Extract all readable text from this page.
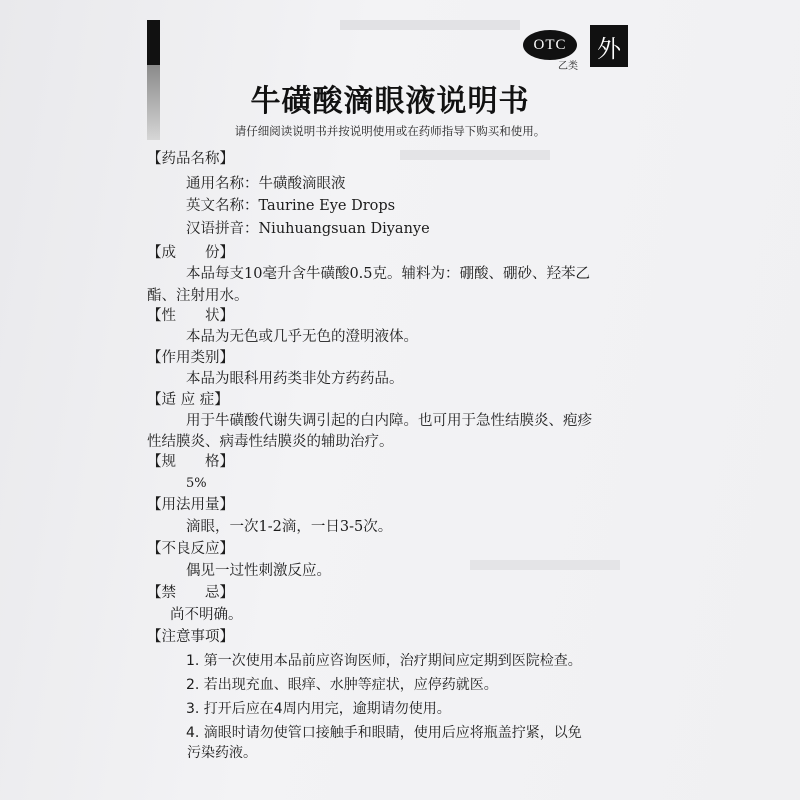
OTC
乙类
外
牛磺酸滴眼液说明书
请仔细阅读说明书并按说明使用或在药师指导下购买和使用。
【药品名称】
通用名称：牛磺酸滴眼液
英文名称：Taurine Eye Drops
汉语拼音：Niuhuangsuan Diyanye
【成　　份】
本品每支10毫升含牛磺酸0.5克。辅料为：硼酸、硼砂、羟苯乙
酯、注射用水。
【性　　状】
本品为无色或几乎无色的澄明液体。
【作用类别】
本品为眼科用药类非处方药药品。
【适 应 症】
用于牛磺酸代谢失调引起的白内障。也可用于急性结膜炎、疱疹
性结膜炎、病毒性结膜炎的辅助治疗。
【规　　格】
5%
【用法用量】
滴眼，一次1-2滴，一日3-5次。
【不良反应】
偶见一过性刺激反应。
【禁　　忌】
尚不明确。
【注意事项】
1. 第一次使用本品前应咨询医师，治疗期间应定期到医院检查。
2. 若出现充血、眼痒、水肿等症状，应停药就医。
3. 打开后应在4周内用完，逾期请勿使用。
4. 滴眼时请勿使管口接触手和眼睛，使用后应将瓶盖拧紧，以免
污染药液。
